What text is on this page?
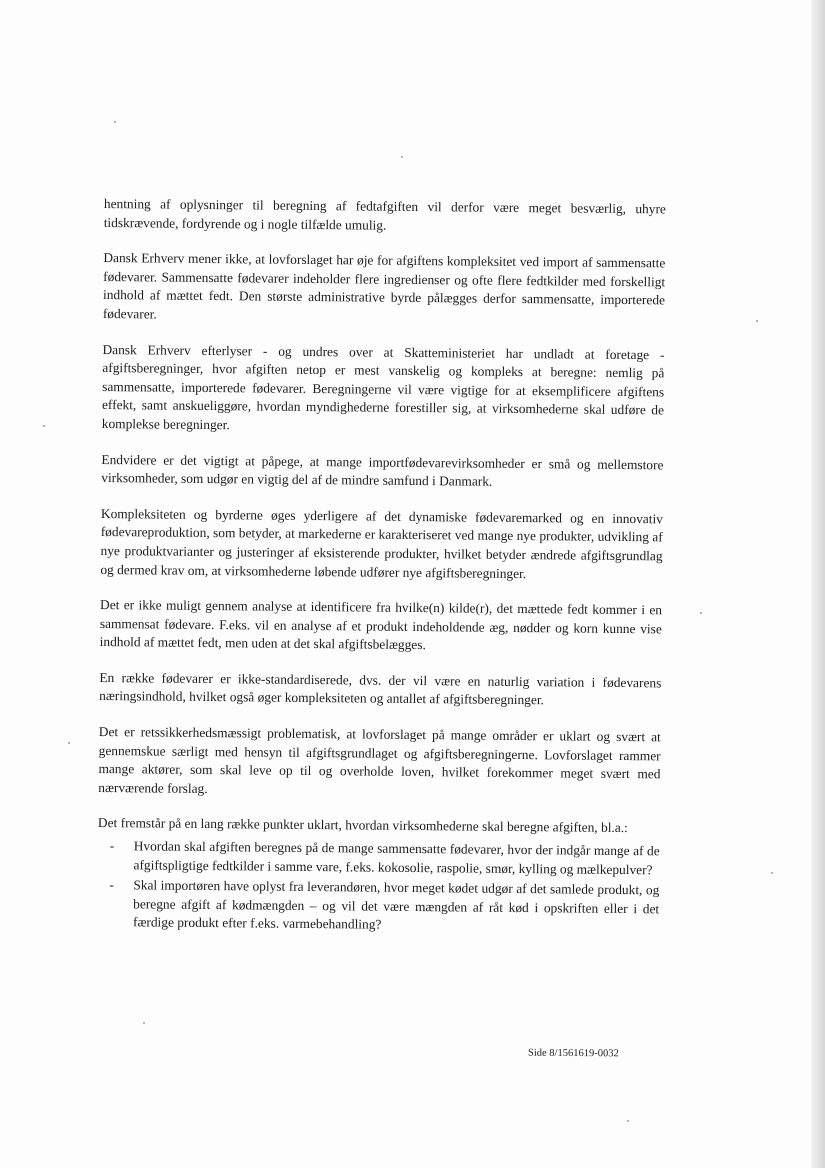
hentning af oplysninger til beregning af fedtafgiften vil derfor være meget besværlig, uhyre tidskrævende, fordyrende og i nogle tilfælde umulig.

Dansk Erhverv mener ikke, at lovforslaget har øje for afgiftens kompleksitet ved import af sammensatte fødevarer. Sammensatte fødevarer indeholder flere ingredienser og ofte flere fedtkilder med forskelligt indhold af mættet fedt. Den største administrative byrde pålægges derfor sammensatte, importerede fødevarer.

Dansk Erhverv efterlyser - og undres over at Skatteministeriet har undladt at foretage - afgiftsberegninger, hvor afgiften netop er mest vanskelig og kompleks at beregne: nemlig på sammensatte, importerede fødevarer. Beregningerne vil være vigtige for at eksemplificere afgiftens effekt, samt anskueliggøre, hvordan myndighederne forestiller sig, at virksomhederne skal udføre de komplekse beregninger.

Endvidere er det vigtigt at påpege, at mange importfødevarevirksomheder er små og mellemstore virksomheder, som udgør en vigtig del af de mindre samfund i Danmark.

Kompleksiteten og byrderne øges yderligere af det dynamiske fødevaremarked og en innovativ fødevareproduktion, som betyder, at markederne er karakteriseret ved mange nye produkter, udvikling af nye produktvarianter og justeringer af eksisterende produkter, hvilket betyder ændrede afgiftsgrundlag og dermed krav om, at virksomhederne løbende udfører nye afgiftsberegninger.

Det er ikke muligt gennem analyse at identificere fra hvilke(n) kilde(r), det mættede fedt kommer i en sammensat fødevare. F.eks. vil en analyse af et produkt indeholdende æg, nødder og korn kunne vise indhold af mættet fedt, men uden at det skal afgiftsbelægges.

En række fødevarer er ikke-standardiserede, dvs. der vil være en naturlig variation i fødevarens næringsindhold, hvilket også øger kompleksiteten og antallet af afgiftsberegninger.

Det er retssikkerhedsmæssigt problematisk, at lovforslaget på mange områder er uklart og svært at gennemskue særligt med hensyn til afgiftsgrundlaget og afgiftsberegningerne. Lovforslaget rammer mange aktører, som skal leve op til og overholde loven, hvilket forekommer meget svært med nærværende forslag.

Det fremstår på en lang række punkter uklart, hvordan virksomhederne skal beregne afgiften, bl.a.:

- Hvordan skal afgiften beregnes på de mange sammensatte fødevarer, hvor der indgår mange af de afgiftspligtige fedtkilder i samme vare, f.eks. kokosolie, raspolie, smør, kylling og mælkepulver?
- Skal importøren have oplyst fra leverandøren, hvor meget kødet udgør af det samlede produkt, og beregne afgift af kødmængden – og vil det være mængden af råt kød i opskriften eller i det færdige produkt efter f.eks. varmebehandling?
Side 8/1561619-0032
